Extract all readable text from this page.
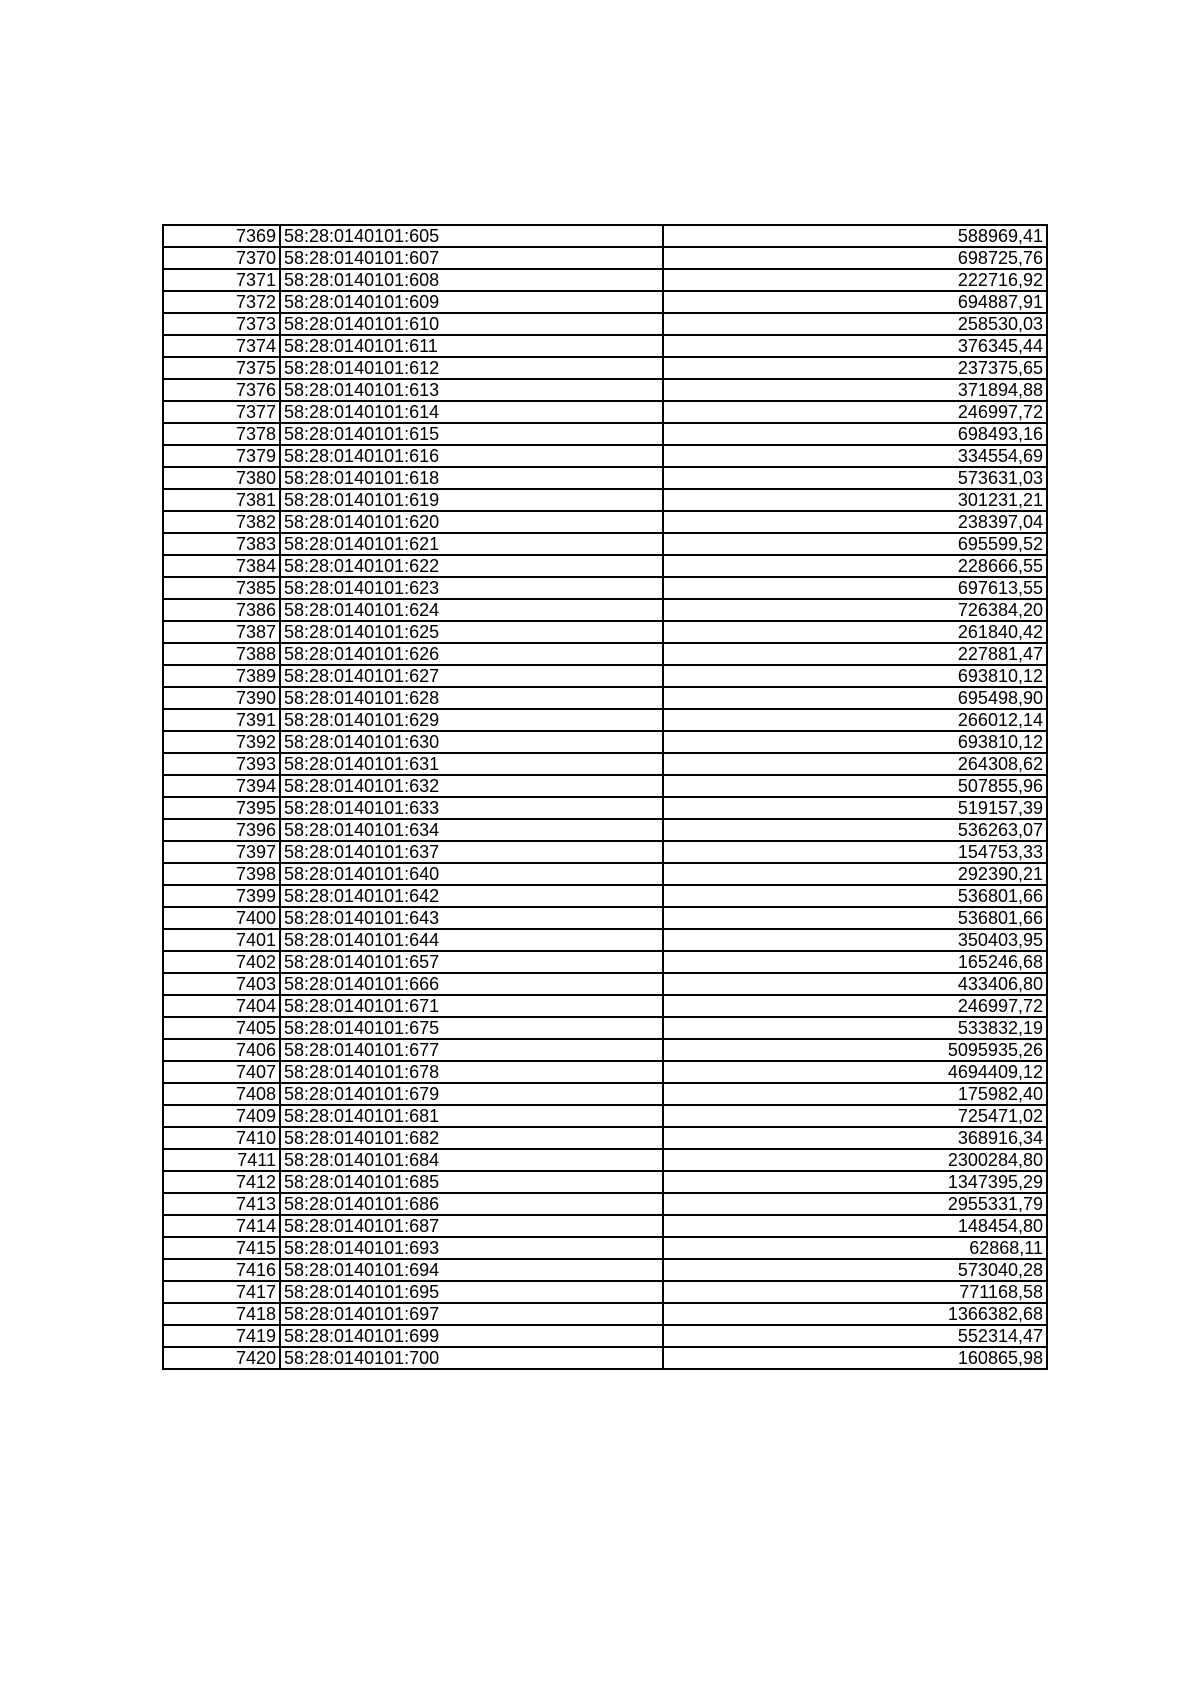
7369	58:28:0140101:605	588969,41
7370	58:28:0140101:607	698725,76
7371	58:28:0140101:608	222716,92
7372	58:28:0140101:609	694887,91
7373	58:28:0140101:610	258530,03
7374	58:28:0140101:611	376345,44
7375	58:28:0140101:612	237375,65
7376	58:28:0140101:613	371894,88
7377	58:28:0140101:614	246997,72
7378	58:28:0140101:615	698493,16
7379	58:28:0140101:616	334554,69
7380	58:28:0140101:618	573631,03
7381	58:28:0140101:619	301231,21
7382	58:28:0140101:620	238397,04
7383	58:28:0140101:621	695599,52
7384	58:28:0140101:622	228666,55
7385	58:28:0140101:623	697613,55
7386	58:28:0140101:624	726384,20
7387	58:28:0140101:625	261840,42
7388	58:28:0140101:626	227881,47
7389	58:28:0140101:627	693810,12
7390	58:28:0140101:628	695498,90
7391	58:28:0140101:629	266012,14
7392	58:28:0140101:630	693810,12
7393	58:28:0140101:631	264308,62
7394	58:28:0140101:632	507855,96
7395	58:28:0140101:633	519157,39
7396	58:28:0140101:634	536263,07
7397	58:28:0140101:637	154753,33
7398	58:28:0140101:640	292390,21
7399	58:28:0140101:642	536801,66
7400	58:28:0140101:643	536801,66
7401	58:28:0140101:644	350403,95
7402	58:28:0140101:657	165246,68
7403	58:28:0140101:666	433406,80
7404	58:28:0140101:671	246997,72
7405	58:28:0140101:675	533832,19
7406	58:28:0140101:677	5095935,26
7407	58:28:0140101:678	4694409,12
7408	58:28:0140101:679	175982,40
7409	58:28:0140101:681	725471,02
7410	58:28:0140101:682	368916,34
7411	58:28:0140101:684	2300284,80
7412	58:28:0140101:685	1347395,29
7413	58:28:0140101:686	2955331,79
7414	58:28:0140101:687	148454,80
7415	58:28:0140101:693	62868,11
7416	58:28:0140101:694	573040,28
7417	58:28:0140101:695	771168,58
7418	58:28:0140101:697	1366382,68
7419	58:28:0140101:699	552314,47
7420	58:28:0140101:700	160865,98
